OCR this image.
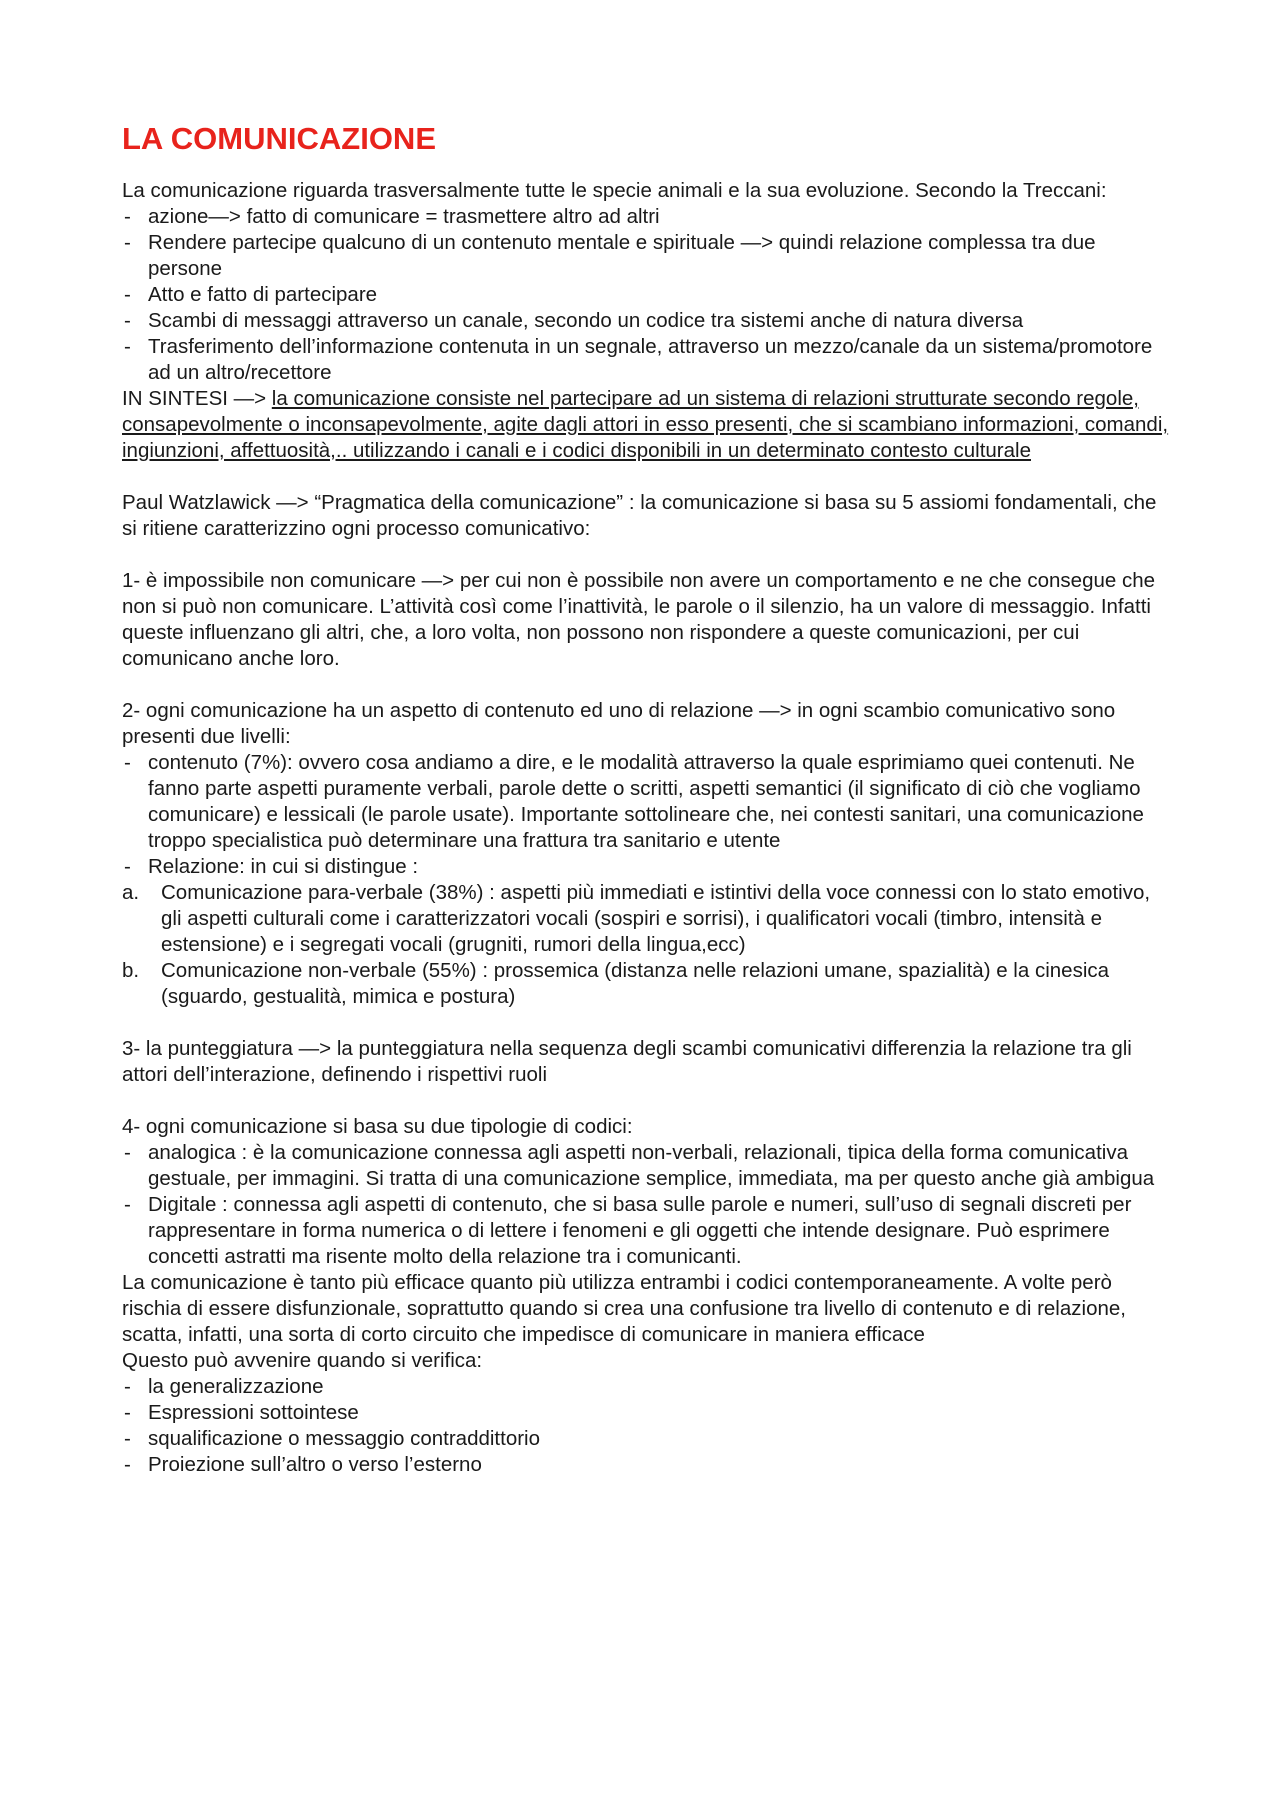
LA COMUNICAZIONE

La comunicazione riguarda trasversalmente tutte le specie animali e la sua evoluzione. Secondo la Treccani:

- azione—> fatto di comunicare = trasmettere altro ad altri
- Rendere partecipe qualcuno di un contenuto mentale e spirituale —> quindi relazione complessa tra due persone
- Atto e fatto di partecipare
- Scambi di messaggi attraverso un canale, secondo un codice tra sistemi anche di natura diversa
- Trasferimento dell’informazione contenuta in un segnale, attraverso un mezzo/canale da un sistema/promotore ad un altro/recettore

IN SINTESI —> la comunicazione consiste nel partecipare ad un sistema di relazioni strutturate secondo regole, consapevolmente o inconsapevolmente, agite dagli attori in esso presenti, che si scambiano informazioni, comandi, ingiunzioni, affettuosità,.. utilizzando i canali e i codici disponibili in un determinato contesto culturale

Paul Watzlawick —> “Pragmatica della comunicazione” : la comunicazione si basa su 5 assiomi fondamentali, che si ritiene caratterizzino ogni processo comunicativo:

1- è impossibile non comunicare —> per cui non è possibile non avere un comportamento e ne che consegue che non si può non comunicare. L’attività così come l’inattività, le parole o il silenzio, ha un valore di messaggio. Infatti queste influenzano gli altri, che, a loro volta, non possono non rispondere a queste comunicazioni, per cui comunicano anche loro.

2- ogni comunicazione ha un aspetto di contenuto ed uno di relazione —> in ogni scambio comunicativo sono presenti due livelli:

- contenuto (7%): ovvero cosa andiamo a dire, e le modalità attraverso la quale esprimiamo quei contenuti. Ne fanno parte aspetti puramente verbali, parole dette o scritti, aspetti semantici (il significato di ciò che vogliamo comunicare) e lessicali (le parole usate). Importante sottolineare che, nei contesti sanitari, una comunicazione troppo specialistica può determinare una frattura tra sanitario e utente
- Relazione: in cui si distingue :
a. Comunicazione para-verbale (38%) : aspetti più immediati e istintivi della voce connessi con lo stato emotivo, gli aspetti culturali come i caratterizzatori vocali (sospiri e sorrisi), i qualificatori vocali (timbro, intensità e estensione) e i segregati vocali (grugniti, rumori della lingua,ecc)
b. Comunicazione non-verbale (55%) : prossemica (distanza nelle relazioni umane, spazialità) e la cinesica (sguardo, gestualità, mimica e postura)

3- la punteggiatura —> la punteggiatura nella sequenza degli scambi comunicativi differenzia la relazione tra gli attori dell’interazione, definendo i rispettivi ruoli

4- ogni comunicazione si basa su due tipologie di codici:

- analogica : è la comunicazione connessa agli aspetti non-verbali, relazionali, tipica della forma comunicativa gestuale, per immagini. Si tratta di una comunicazione semplice, immediata, ma per questo anche già ambigua
- Digitale : connessa agli aspetti di contenuto, che si basa sulle parole e numeri, sull’uso di segnali discreti per rappresentare in forma numerica o di lettere i fenomeni e gli oggetti che intende designare. Può esprimere concetti astratti ma risente molto della relazione tra i comunicanti.

La comunicazione è tanto più efficace quanto più utilizza entrambi i codici contemporaneamente. A volte però rischia di essere disfunzionale, soprattutto quando si crea una confusione tra livello di contenuto e di relazione, scatta, infatti, una sorta di corto circuito che impedisce di comunicare in maniera efficace

Questo può avvenire quando si verifica:

- la generalizzazione
- Espressioni sottointese
- squalificazione o messaggio contraddittorio
- Proiezione sull’altro o verso l’esterno
